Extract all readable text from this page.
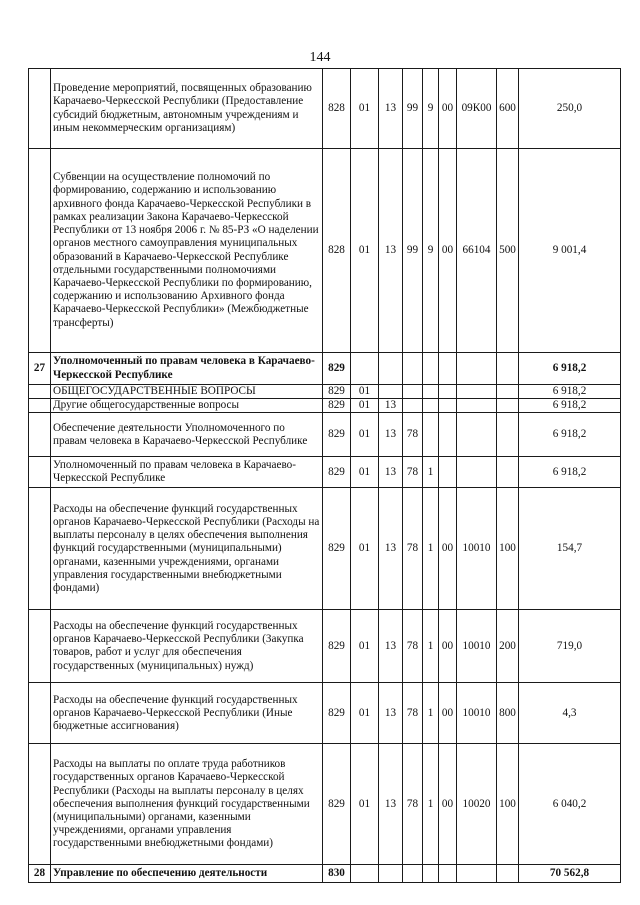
144
	Проведение мероприятий, посвященных образованию Карачаево-Черкесской Республики (Предоставление субсидий бюджетным, автономным учреждениям и иным некоммерческим организациям)	828	01	13	99	9	00	09К00	600	250,0
	Субвенции на осуществление полномочий по формированию, содержанию и использованию архивного фонда Карачаево-Черкесской Республики в рамках реализации Закона Карачаево-Черкесской Республики от 13 ноября 2006 г. № 85-РЗ «О наделении органов местного самоуправления муниципальных образований в Карачаево-Черкесской Республике отдельными государственными полномочиями Карачаево-Черкесской Республики по формированию, содержанию и использованию Архивного фонда Карачаево-Черкесской Республики» (Межбюджетные трансферты)	828	01	13	99	9	00	66104	500	9 001,4
27	Уполномоченный по правам человека в Карачаево-Черкесской Республике	829								6 918,2
	ОБЩЕГОСУДАРСТВЕННЫЕ ВОПРОСЫ	829	01							6 918,2
	Другие общегосударственные вопросы	829	01	13						6 918,2
	Обеспечение деятельности Уполномоченного по правам человека в Карачаево-Черкесской Республике	829	01	13	78					6 918,2
	Уполномоченный по правам человека в Карачаево-Черкесской Республике	829	01	13	78	1				6 918,2
	Расходы на обеспечение функций государственных органов Карачаево-Черкесской Республики (Расходы на выплаты персоналу в целях обеспечения выполнения функций государственными (муниципальными) органами, казенными учреждениями, органами управления государственными внебюджетными фондами)	829	01	13	78	1	00	10010	100	154,7
	Расходы на обеспечение функций государственных органов Карачаево-Черкесской Республики (Закупка товаров, работ и услуг для обеспечения государственных (муниципальных) нужд)	829	01	13	78	1	00	10010	200	719,0
	Расходы на обеспечение функций государственных органов Карачаево-Черкесской Республики (Иные бюджетные ассигнования)	829	01	13	78	1	00	10010	800	4,3
	Расходы на выплаты по оплате труда работников государственных органов Карачаево-Черкесской Республики (Расходы на выплаты персоналу в целях обеспечения выполнения функций государственными (муниципальными) органами, казенными учреждениями, органами управления государственными внебюджетными фондами)	829	01	13	78	1	00	10020	100	6 040,2
28	Управление по обеспечению деятельности	830								70 562,8
